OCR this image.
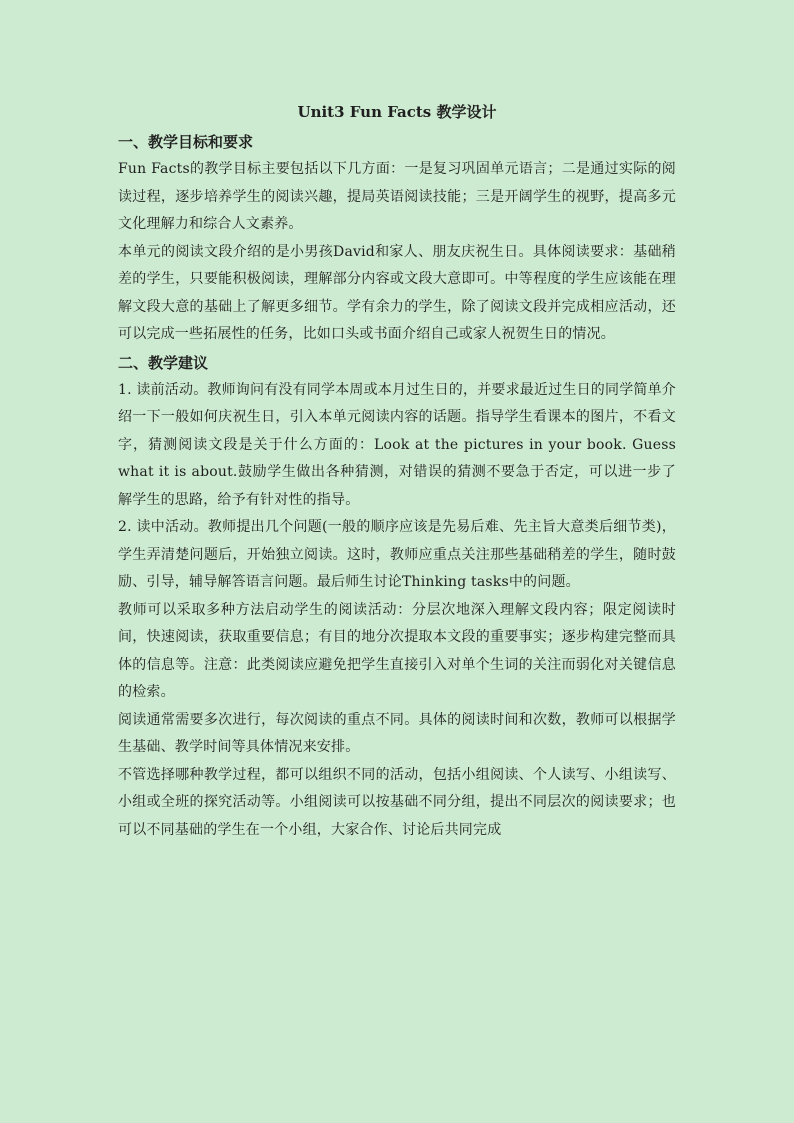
Unit3 Fun Facts 教学设计
一、教学目标和要求

Fun Facts的教学目标主要包括以下几方面：一是复习巩固单元语言；二是通过实际的阅读过程，逐步培养学生的阅读兴趣，提局英语阅读技能；三是开阔学生的视野，提高多元文化理解力和综合人文素养。

本单元的阅读文段介绍的是小男孩David和家人、朋友庆祝生日。具体阅读要求：基础稍差的学生，只要能积极阅读，理解部分内容或文段大意即可。中等程度的学生应该能在理解文段大意的基础上了解更多细节。学有余力的学生，除了阅读文段并完成相应活动，还可以完成一些拓展性的任务，比如口头或书面介绍自己或家人祝贺生日的情况。

二、教学建议

1. 读前活动。教师询问有没有同学本周或本月过生日的，并要求最近过生日的同学简单介绍一下一般如何庆祝生日，引入本单元阅读内容的话题。指导学生看课本的图片，不看文字，猜测阅读文段是关于什么方面的：Look at the pictures in your book. Guess what it is about.鼓励学生做出各种猜测，对错误的猜测不要急于否定，可以进一步了解学生的思路，给予有针对性的指导。

2. 读中活动。教师提出几个问题(一般的顺序应该是先易后难、先主旨大意类后细节类)，学生弄清楚问题后，开始独立阅读。这时，教师应重点关注那些基础稍差的学生，随时鼓励、引导，辅导解答语言问题。最后师生讨论Thinking tasks中的问题。

教师可以采取多种方法启动学生的阅读活动：分层次地深入理解文段内容；限定阅读时间，快速阅读，获取重要信息；有目的地分次提取本文段的重要事实；逐步构建完整而具体的信息等。注意：此类阅读应避免把学生直接引入对单个生词的关注而弱化对关键信息的检索。

阅读通常需要多次进行，每次阅读的重点不同。具体的阅读时间和次数，教师可以根据学生基础、教学时间等具体情况来安排。

不管选择哪种教学过程，都可以组织不同的活动，包括小组阅读、个人读写、小组读写、小组或全班的探究活动等。小组阅读可以按基础不同分组，提出不同层次的阅读要求；也可以不同基础的学生在一个小组，大家合作、讨论后共同完成
